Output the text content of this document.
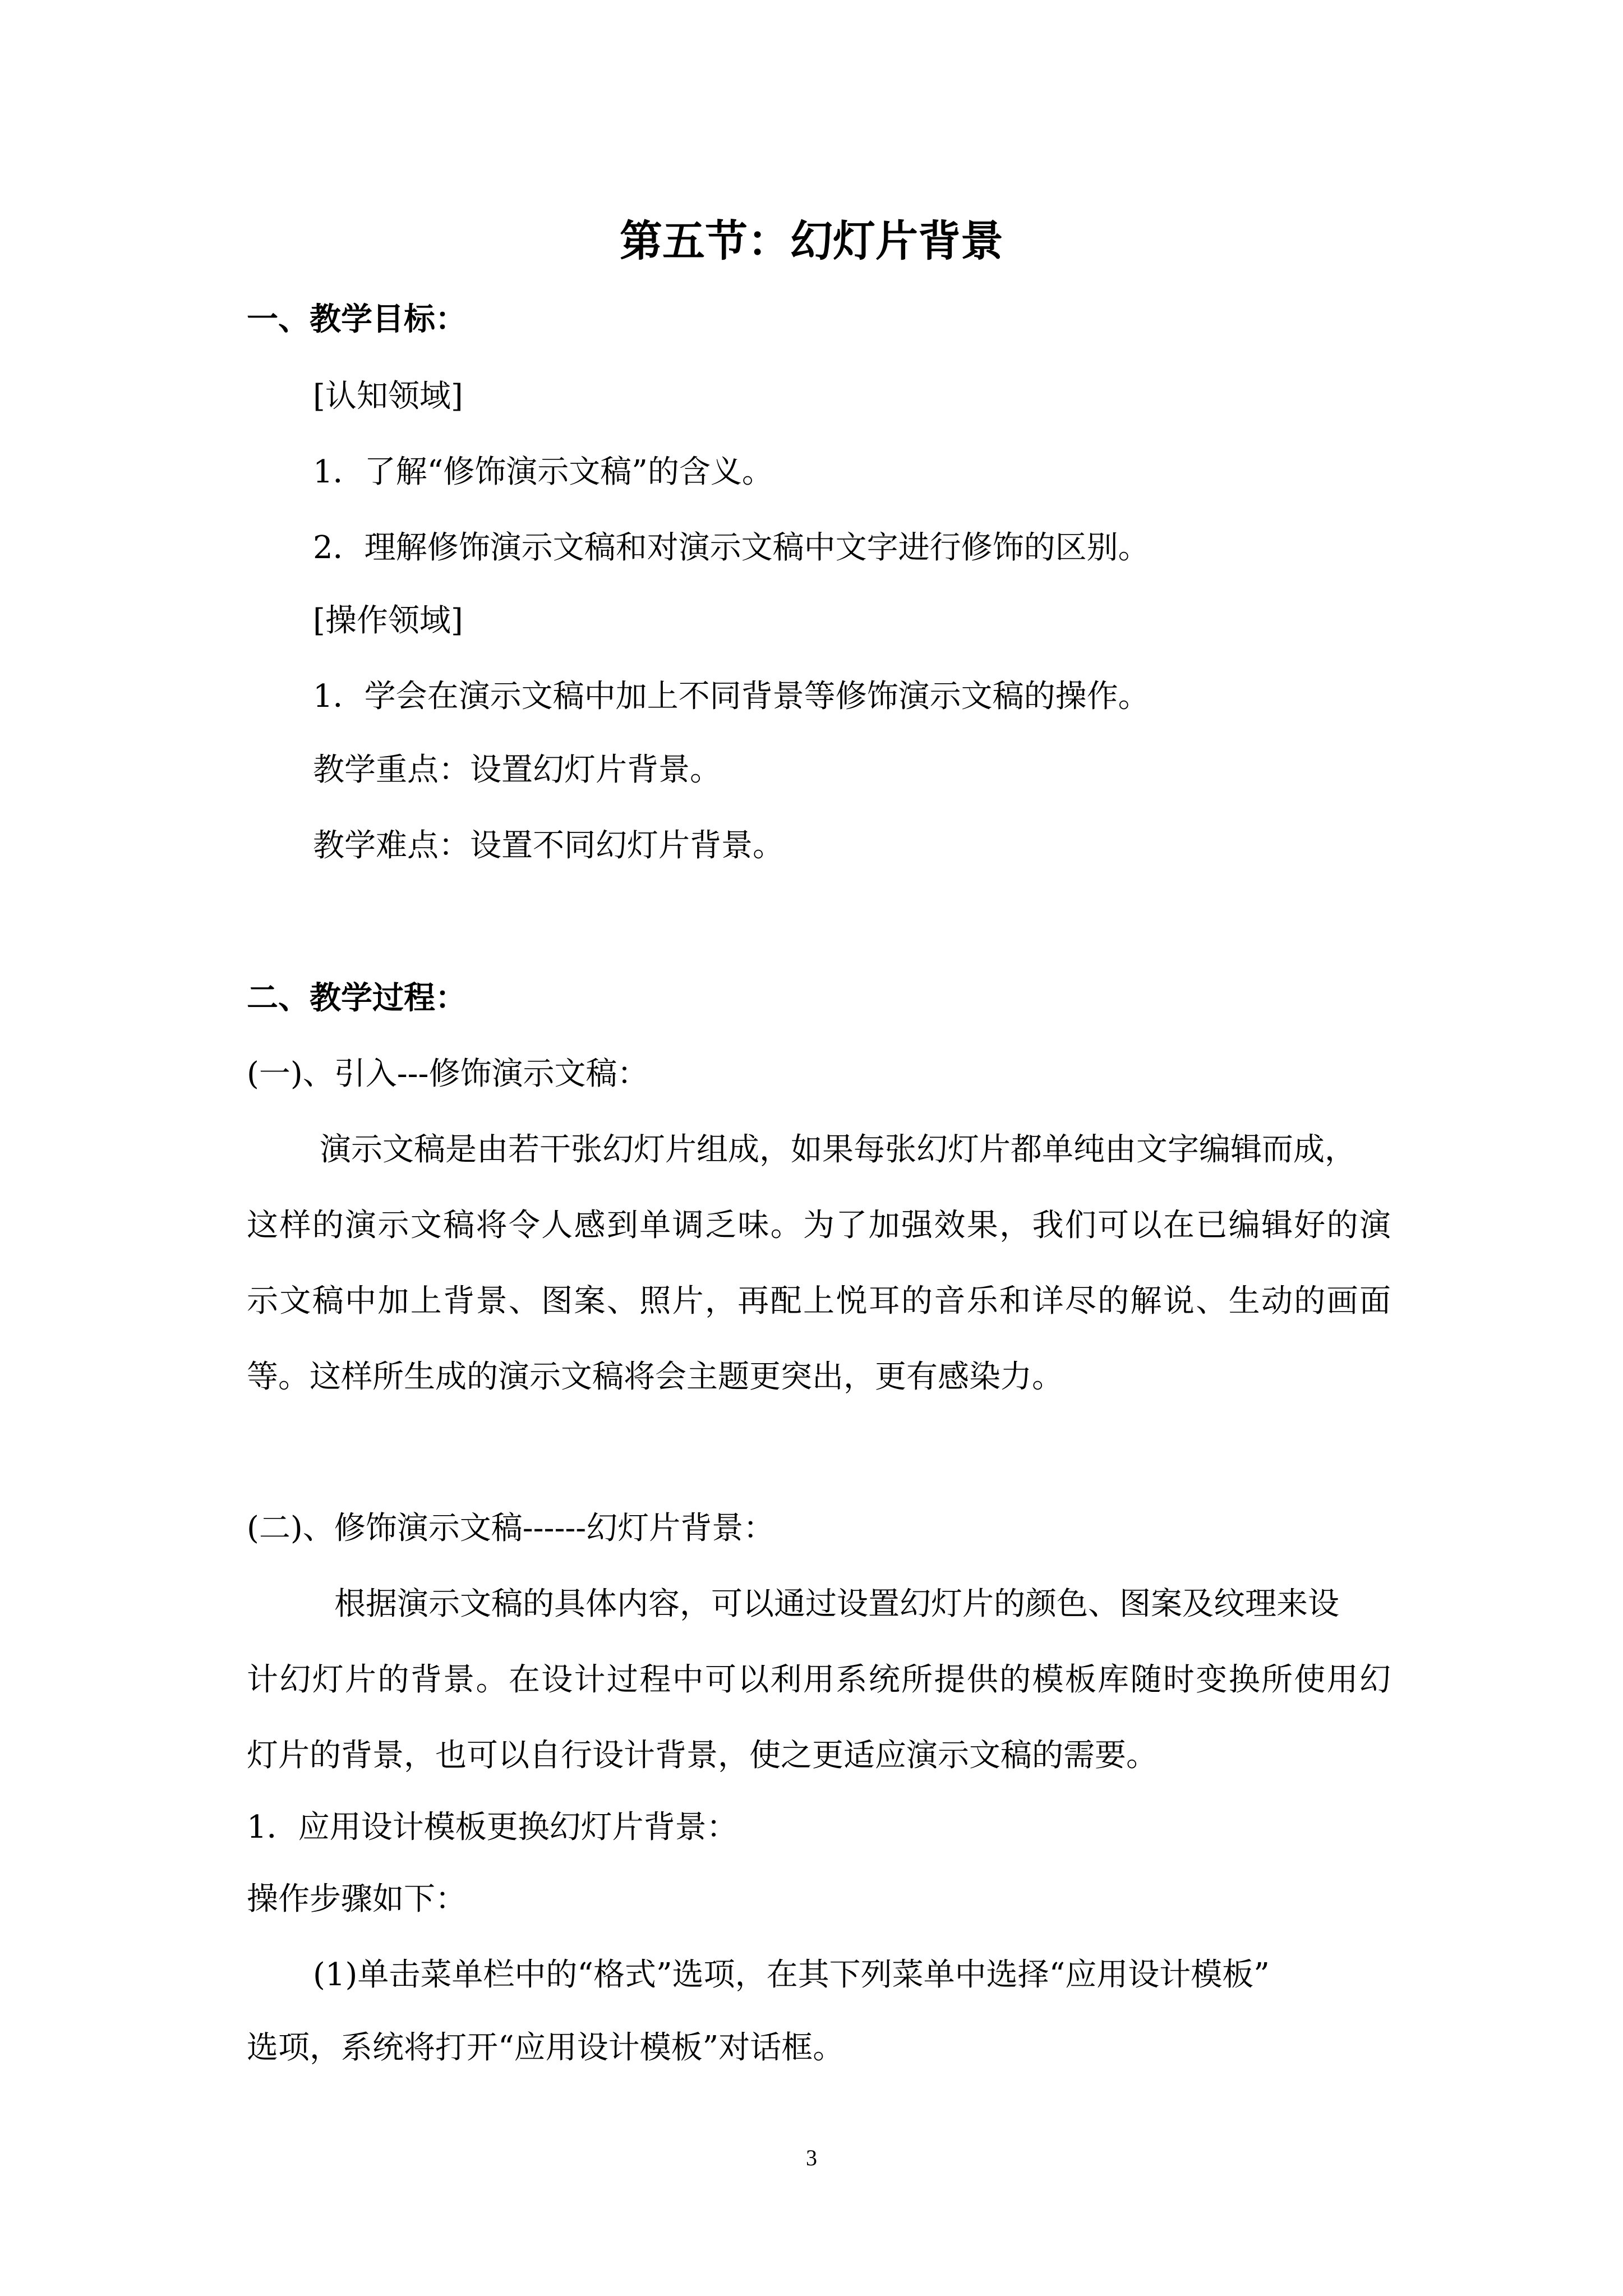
第五节：幻灯片背景
一、教学目标：
[认知领域]
1．了解“修饰演示文稿”的含义。
2．理解修饰演示文稿和对演示文稿中文字进行修饰的区别。
[操作领域]
1．学会在演示文稿中加上不同背景等修饰演示文稿的操作。
教学重点：设置幻灯片背景。
教学难点：设置不同幻灯片背景。
二、教学过程：
(一)、引入---修饰演示文稿：
演示文稿是由若干张幻灯片组成，如果每张幻灯片都单纯由文字编辑而成，
这样的演示文稿将令人感到单调乏味。为了加强效果，我们可以在已编辑好的演
示文稿中加上背景、图案、照片，再配上悦耳的音乐和详尽的解说、生动的画面
等。这样所生成的演示文稿将会主题更突出，更有感染力。
(二)、修饰演示文稿------幻灯片背景：
根据演示文稿的具体内容，可以通过设置幻灯片的颜色、图案及纹理来设
计幻灯片的背景。在设计过程中可以利用系统所提供的模板库随时变换所使用幻
灯片的背景，也可以自行设计背景，使之更适应演示文稿的需要。
1．应用设计模板更换幻灯片背景：
操作步骤如下：
(1)单击菜单栏中的“格式”选项，在其下列菜单中选择“应用设计模板”
选项，系统将打开“应用设计模板”对话框。
3
